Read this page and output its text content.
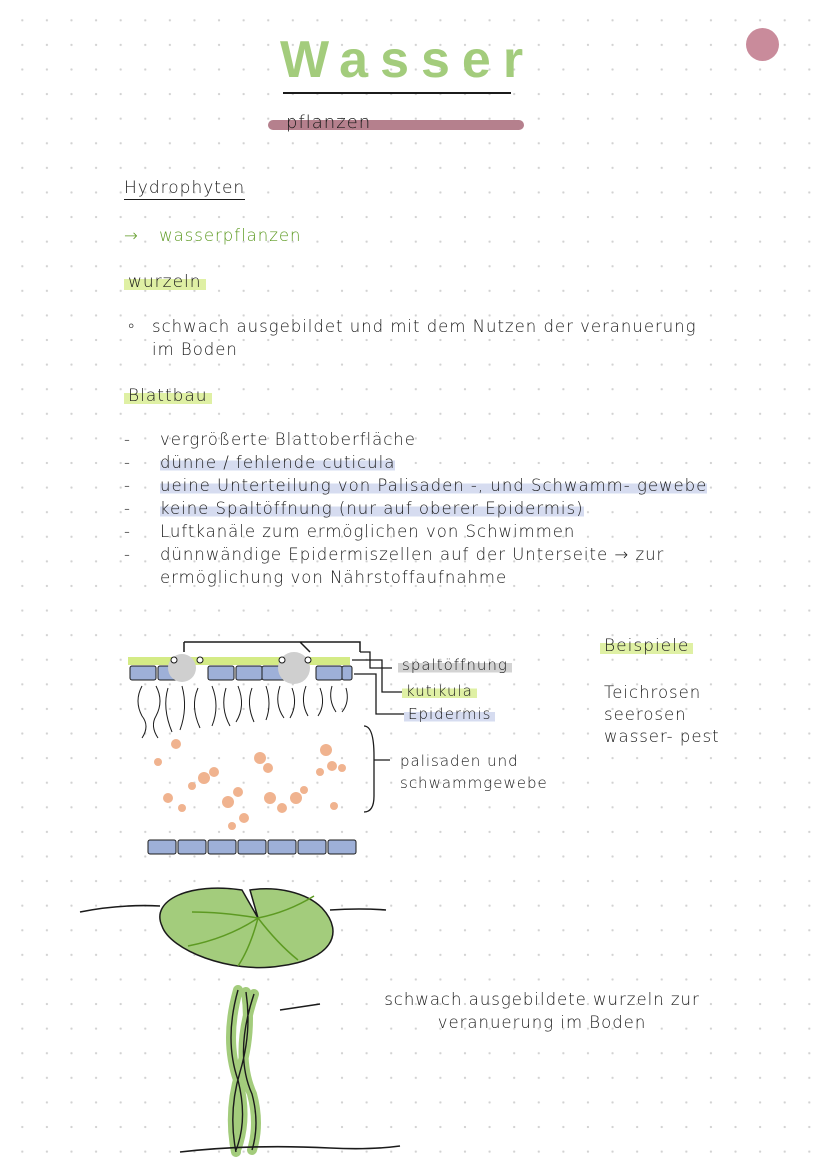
Wasser
pflanzen
Hydrophyten
→ wasserpflanzen
wurzeln
∘ schwach ausgebildet und mit dem Nutzen der veranuerung im Boden
Blattbau
- vergrößerte Blattoberfläche
- dünne / fehlende cuticula
- ueine Unterteilung von Palisaden -, und Schwamm- gewebe
- keine Spaltöffnung (nur auf oberer Epidermis)
- Luftkanäle zum ermöglichen von Schwimmen
- dünnwändige Epidermiszellen auf der Unterseite → zur ermöglichung von Nährstoffaufnahme
spaltöffnung
kutikula
Epidermis
palisaden und schwammgewebe
Beispiele
Teichrosen
seerosen
wasser- pest
schwach ausgebildete wurzeln zur veranuerung im Boden
